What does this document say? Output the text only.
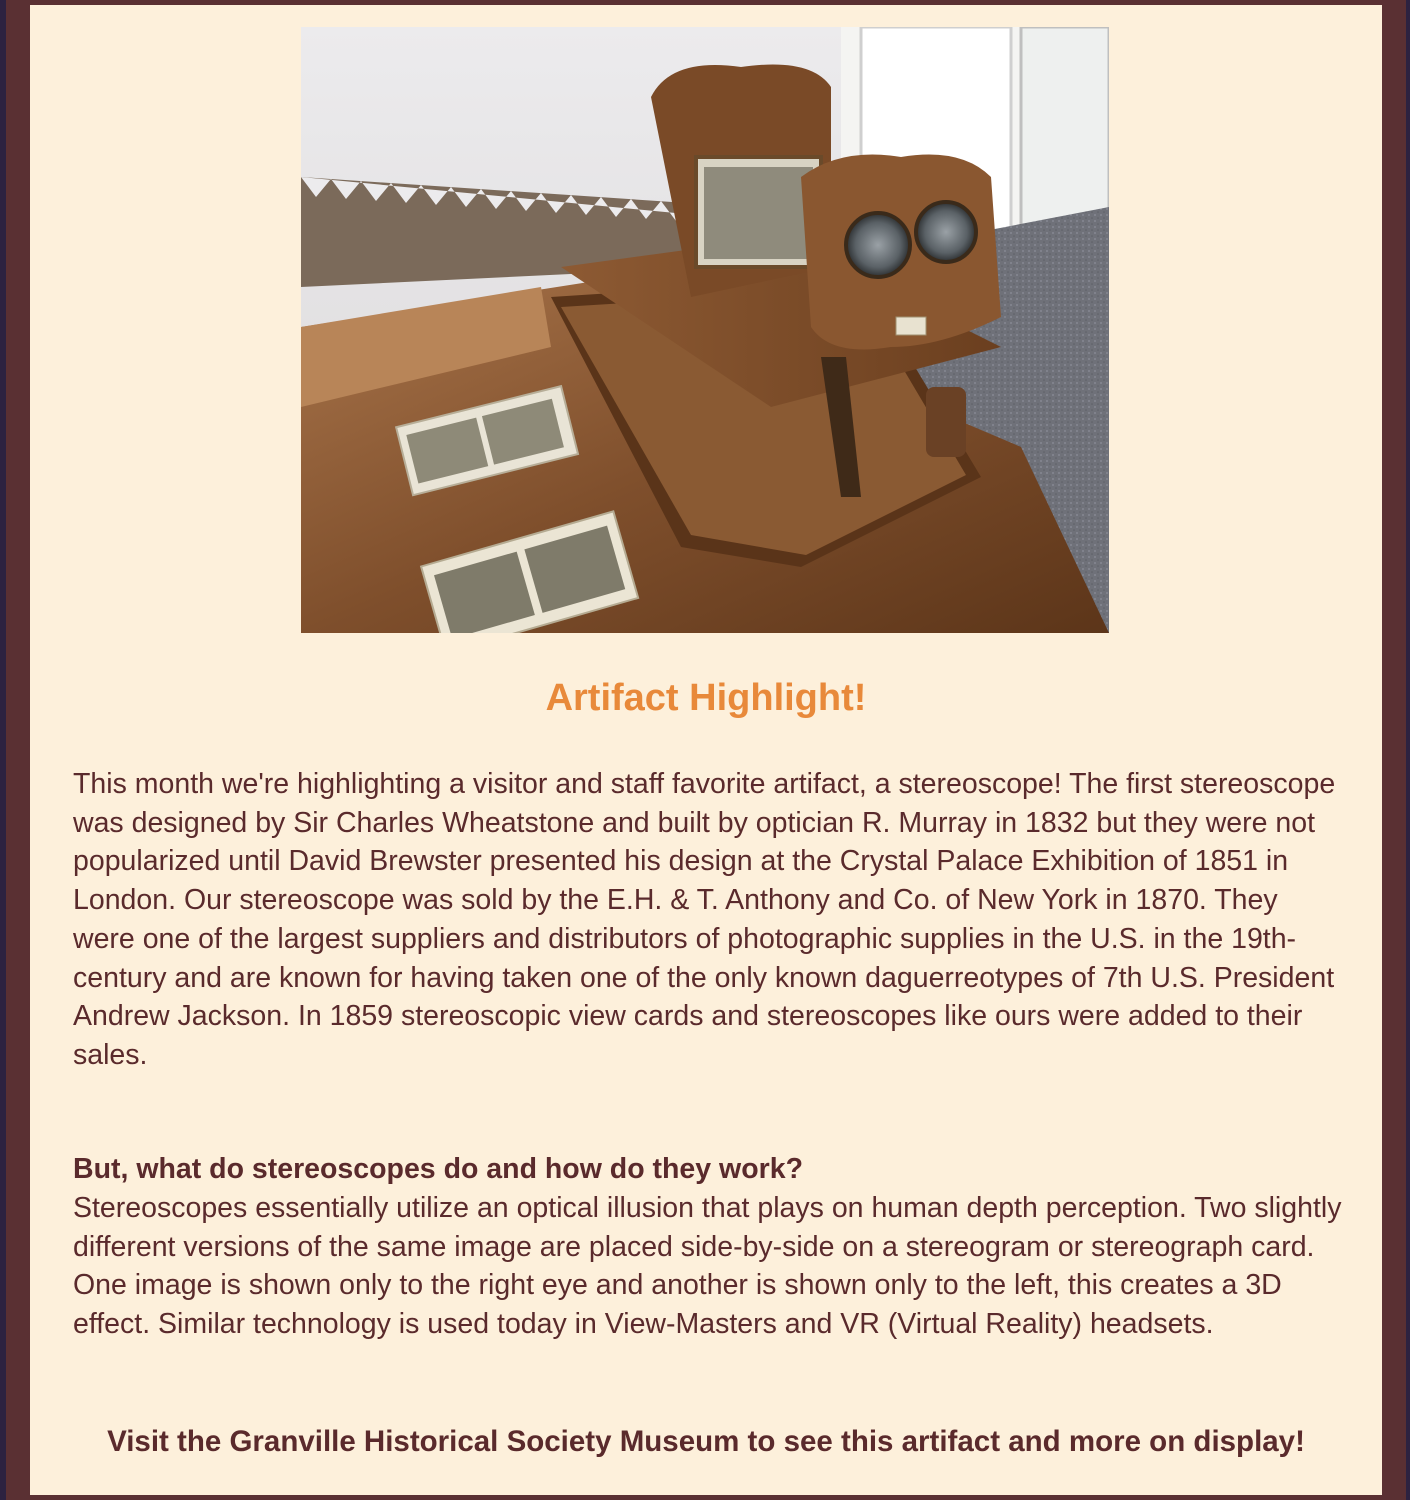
Artifact Highlight!

This month we're highlighting a visitor and staff favorite artifact, a stereoscope! The first stereoscope was designed by Sir Charles Wheatstone and built by optician R. Murray in 1832 but they were not popularized until David Brewster presented his design at the Crystal Palace Exhibition of 1851 in London. Our stereoscope was sold by the E.H. & T. Anthony and Co. of New York in 1870. They were one of the largest suppliers and distributors of photographic supplies in the U.S. in the 19th-century and are known for having taken one of the only known daguerreotypes of 7th U.S. President Andrew Jackson. In 1859 stereoscopic view cards and stereoscopes like ours were added to their sales.

But, what do stereoscopes do and how do they work?

Stereoscopes essentially utilize an optical illusion that plays on human depth perception. Two slightly different versions of the same image are placed side-by-side on a stereogram or stereograph card. One image is shown only to the right eye and another is shown only to the left, this creates a 3D effect. Similar technology is used today in View-Masters and VR (Virtual Reality) headsets.

Visit the Granville Historical Society Museum to see this artifact and more on display!
